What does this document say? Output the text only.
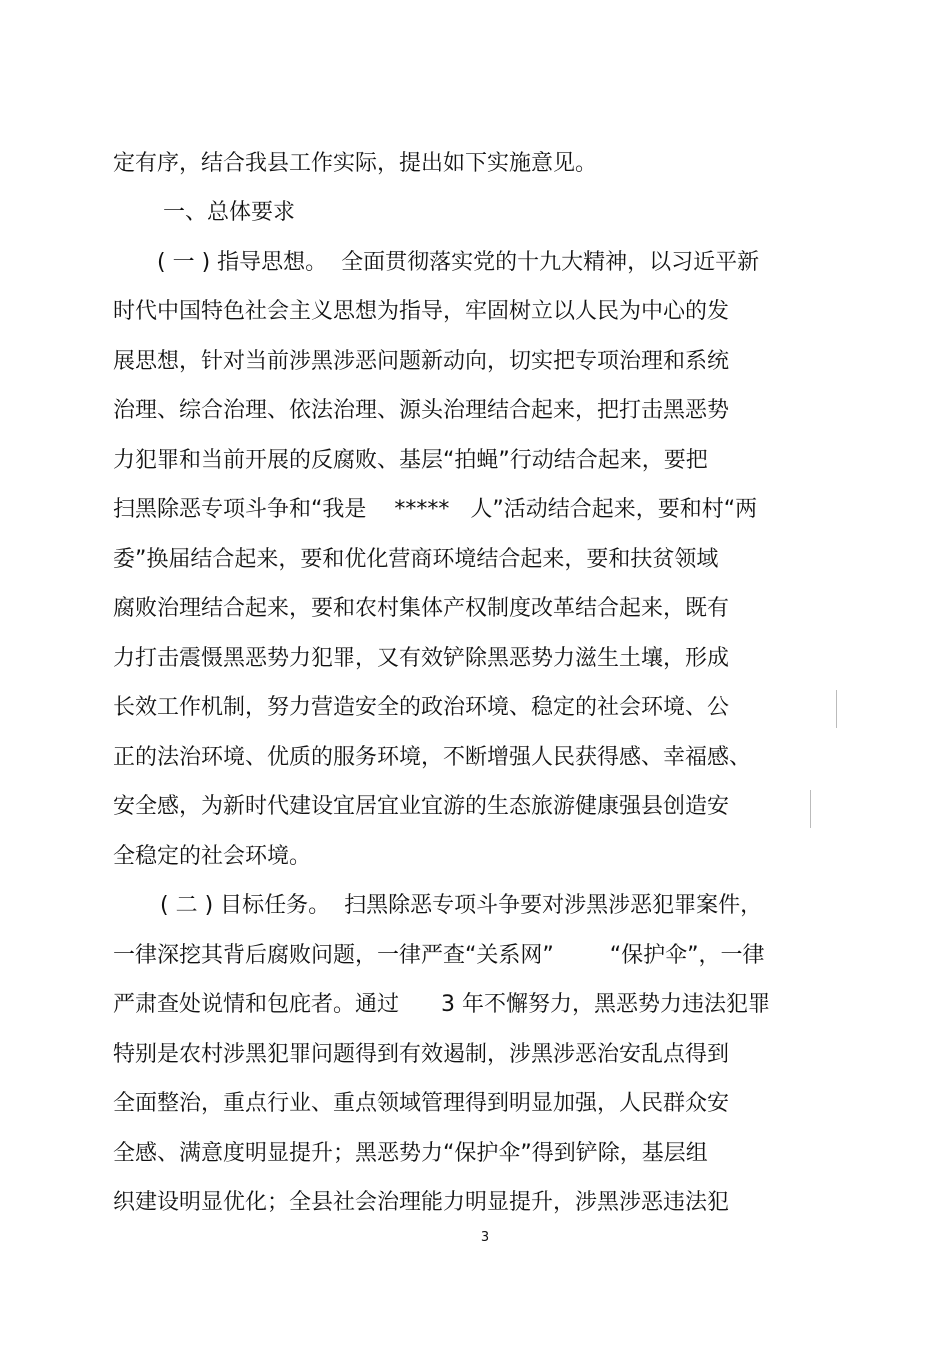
定有序，结合我县工作实际，提出如下实施意见。
一、总体要求
( 一 ) 指导思想。  全面贯彻落实党的十九大精神，以习近平新
时代中国特色社会主义思想为指导，牢固树立以人民为中心的发
展思想，针对当前涉黑涉恶问题新动向，切实把专项治理和系统
治理、综合治理、依法治理、源头治理结合起来，把打击黑恶势
力犯罪和当前开展的反腐败、基层“拍蝇”行动结合起来，要把
扫黑除恶专项斗争和“我是    *****   人”活动结合起来，要和村“两
委”换届结合起来，要和优化营商环境结合起来，要和扶贫领域
腐败治理结合起来，要和农村集体产权制度改革结合起来，既有
力打击震慑黑恶势力犯罪，又有效铲除黑恶势力滋生土壤，形成
长效工作机制，努力营造安全的政治环境、稳定的社会环境、公
正的法治环境、优质的服务环境，不断增强人民获得感、幸福感、
安全感，为新时代建设宜居宜业宜游的生态旅游健康强县创造安
全稳定的社会环境。
( 二 ) 目标任务。  扫黑除恶专项斗争要对涉黑涉恶犯罪案件，
一律深挖其背后腐败问题，一律严查“关系网”        “保护伞”，一律
严肃查处说情和包庇者。通过      3 年不懈努力，黑恶势力违法犯罪
特别是农村涉黑犯罪问题得到有效遏制，涉黑涉恶治安乱点得到
全面整治，重点行业、重点领域管理得到明显加强，人民群众安
全感、满意度明显提升；黑恶势力“保护伞”得到铲除，基层组
织建设明显优化；全县社会治理能力明显提升，涉黑涉恶违法犯
3
